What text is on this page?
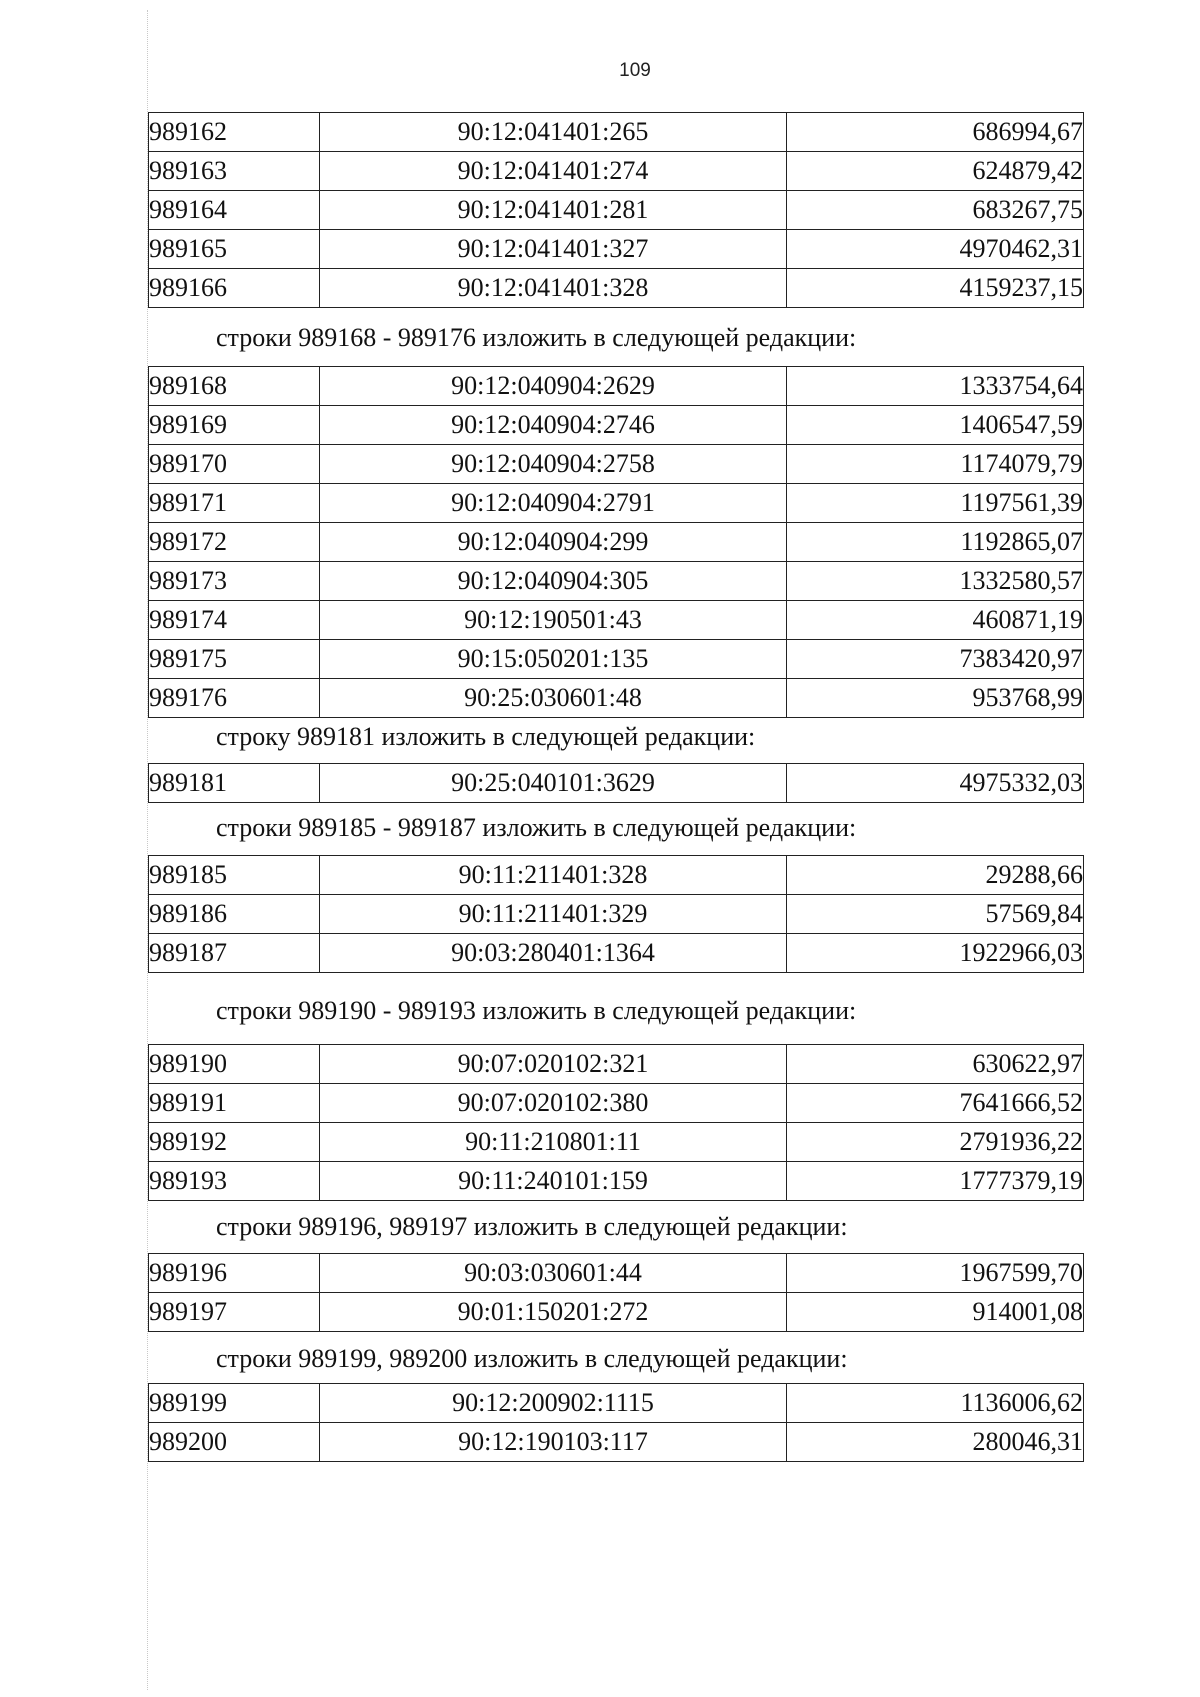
109
989162	90:12:041401:265	686994,67
989163	90:12:041401:274	624879,42
989164	90:12:041401:281	683267,75
989165	90:12:041401:327	4970462,31
989166	90:12:041401:328	4159237,15
строки 989168 - 989176 изложить в следующей редакции:
989168	90:12:040904:2629	1333754,64
989169	90:12:040904:2746	1406547,59
989170	90:12:040904:2758	1174079,79
989171	90:12:040904:2791	1197561,39
989172	90:12:040904:299	1192865,07
989173	90:12:040904:305	1332580,57
989174	90:12:190501:43	460871,19
989175	90:15:050201:135	7383420,97
989176	90:25:030601:48	953768,99
строку 989181 изложить в следующей редакции:
989181	90:25:040101:3629	4975332,03
строки 989185 - 989187 изложить в следующей редакции:
989185	90:11:211401:328	29288,66
989186	90:11:211401:329	57569,84
989187	90:03:280401:1364	1922966,03
строки 989190 - 989193 изложить в следующей редакции:
989190	90:07:020102:321	630622,97
989191	90:07:020102:380	7641666,52
989192	90:11:210801:11	2791936,22
989193	90:11:240101:159	1777379,19
строки 989196, 989197 изложить в следующей редакции:
989196	90:03:030601:44	1967599,70
989197	90:01:150201:272	914001,08
строки 989199, 989200 изложить в следующей редакции:
989199	90:12:200902:1115	1136006,62
989200	90:12:190103:117	280046,31
